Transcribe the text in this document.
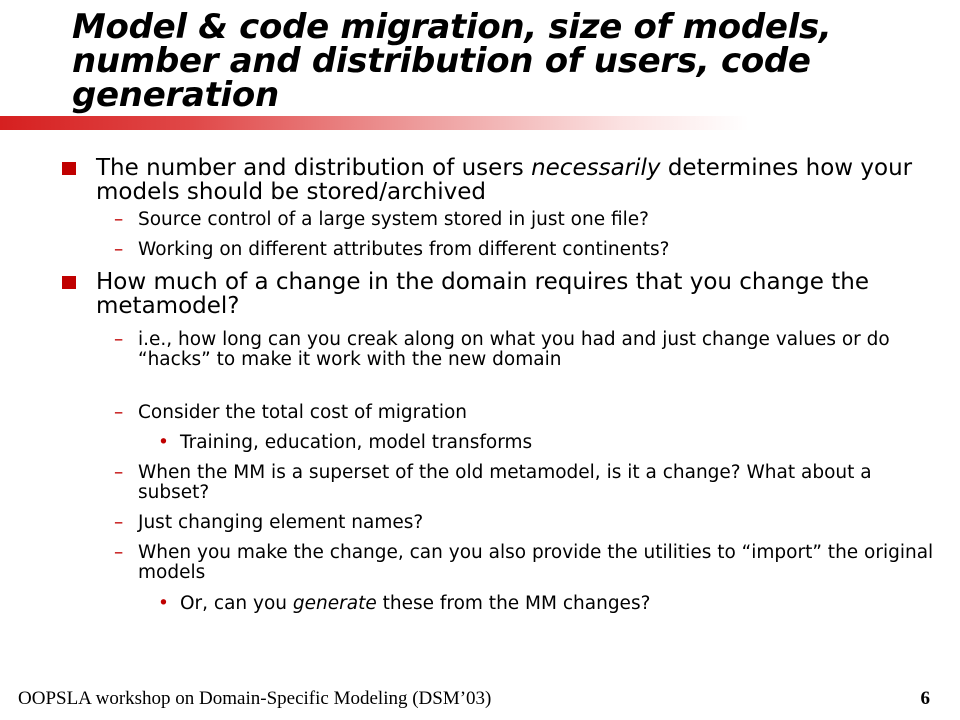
Model & code migration, size of models, number and distribution of users, code generation

The number and distribution of users necessarily determines how your models should be stored/archived

– Source control of a large system stored in just one file?

– Working on different attributes from different continents?

How much of a change in the domain requires that you change the metamodel?

– i.e., how long can you creak along on what you had and just change values or do “hacks” to make it work with the new domain

– Consider the total cost of migration

• Training, education, model transforms

– When the MM is a superset of the old metamodel, is it a change? What about a subset?

– Just changing element names?

– When you make the change, can you also provide the utilities to “import” the original models

• Or, can you generate these from the MM changes?

OOPSLA workshop on Domain-Specific Modeling (DSM’03)	6
